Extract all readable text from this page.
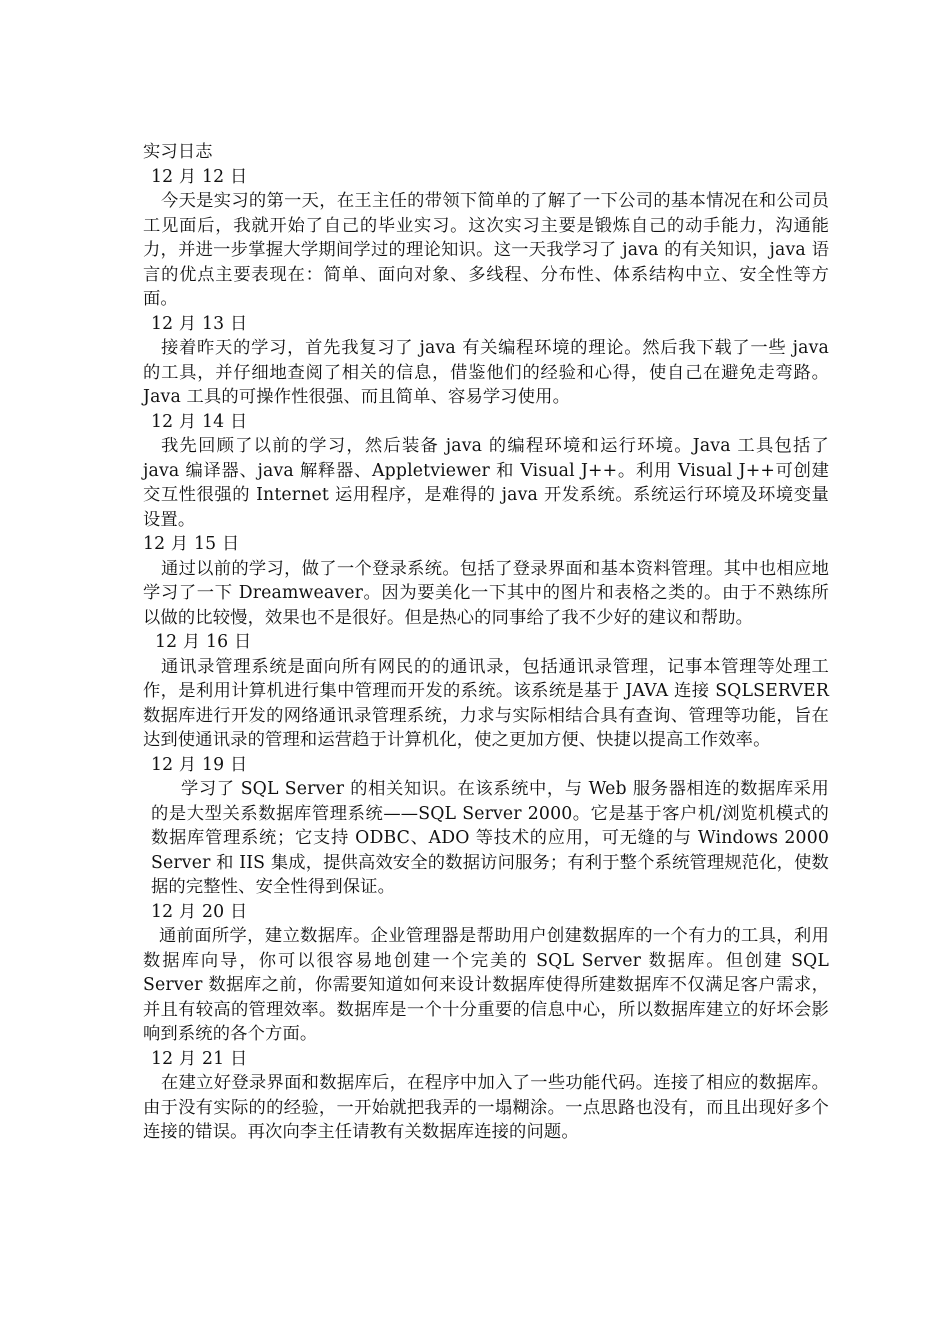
实习日志

12 月 12 日

今天是实习的第一天，在王主任的带领下简单的了解了一下公司的基本情况在和公司员工见面后，我就开始了自己的毕业实习。这次实习主要是锻炼自己的动手能力，沟通能力，并进一步掌握大学期间学过的理论知识。这一天我学习了 java 的有关知识，java 语言的优点主要表现在：简单、面向对象、多线程、分布性、体系结构中立、安全性等方面。

12 月 13 日

接着昨天的学习，首先我复习了 java 有关编程环境的理论。然后我下载了一些 java 的工具，并仔细地查阅了相关的信息，借鉴他们的经验和心得，使自己在避免走弯路。Java 工具的可操作性很强、而且简单、容易学习使用。

12 月 14 日

我先回顾了以前的学习，然后装备 java 的编程环境和运行环境。Java 工具包括了 java 编译器、java 解释器、Appletviewer 和 Visual J++。利用 Visual J++可创建交互性很强的 Internet 运用程序，是难得的 java 开发系统。系统运行环境及环境变量设置。

12 月 15 日

通过以前的学习，做了一个登录系统。包括了登录界面和基本资料管理。其中也相应地学习了一下 Dreamweaver。因为要美化一下其中的图片和表格之类的。由于不熟练所以做的比较慢，效果也不是很好。但是热心的同事给了我不少好的建议和帮助。

12 月 16 日

通讯录管理系统是面向所有网民的的通讯录，包括通讯录管理，记事本管理等处理工作，是利用计算机进行集中管理而开发的系统。该系统是基于 JAVA 连接 SQLSERVER 数据库进行开发的网络通讯录管理系统，力求与实际相结合具有查询、管理等功能，旨在达到使通讯录的管理和运营趋于计算机化，使之更加方便、快捷以提高工作效率。

12 月 19 日

学习了 SQL Server 的相关知识。在该系统中，与 Web 服务器相连的数据库采用的是大型关系数据库管理系统——SQL Server 2000。它是基于客户机/浏览机模式的数据库管理系统；它支持 ODBC、ADO 等技术的应用，可无缝的与 Windows 2000 Server 和 IIS 集成，提供高效安全的数据访问服务；有利于整个系统管理规范化，使数据的完整性、安全性得到保证。

12 月 20 日

通前面所学，建立数据库。企业管理器是帮助用户创建数据库的一个有力的工具，利用数据库向导，你可以很容易地创建一个完美的 SQL Server 数据库。但创建 SQL Server 数据库之前，你需要知道如何来设计数据库使得所建数据库不仅满足客户需求，并且有较高的管理效率。数据库是一个十分重要的信息中心，所以数据库建立的好坏会影响到系统的各个方面。

12 月 21 日

在建立好登录界面和数据库后，在程序中加入了一些功能代码。连接了相应的数据库。由于没有实际的的经验，一开始就把我弄的一塌糊涂。一点思路也没有，而且出现好多个连接的错误。再次向李主任请教有关数据库连接的问题。
